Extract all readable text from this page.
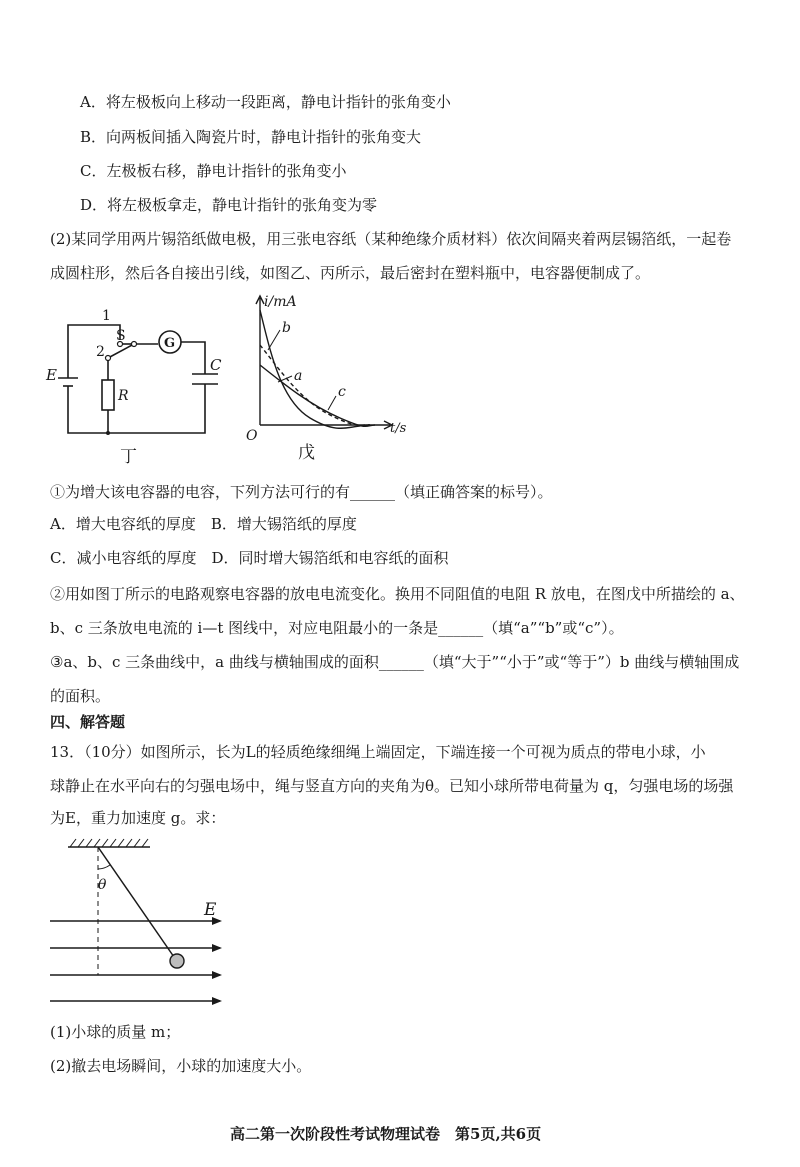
A．将左极板向上移动一段距离，静电计指针的张角变小
B．向两板间插入陶瓷片时，静电计指针的张角变大
C．左极板右移，静电计指针的张角变小
D．将左极板拿走，静电计指针的张角变为零
(2)某同学用两片锡箔纸做电极，用三张电容纸（某种绝缘介质材料）依次间隔夹着两层锡箔纸，一起卷
成圆柱形，然后各自接出引线，如图乙、丙所示，最后密封在塑料瓶中，电容器便制成了。
1
S
2
G
E
R
C
丁
i/mA
t/s
O
a
b
c
戊
①为增大该电容器的电容，下列方法可行的有______（填正确答案的标号）。
A．增大电容纸的厚度　B．增大锡箔纸的厚度
C．减小电容纸的厚度　D．同时增大锡箔纸和电容纸的面积
②用如图丁所示的电路观察电容器的放电电流变化。换用不同阻值的电阻 R 放电，在图戊中所描绘的 a、
b、c 三条放电电流的 i—t 图线中，对应电阻最小的一条是______（填“a”“b”或“c”）。
③a、b、c 三条曲线中，a 曲线与横轴围成的面积______（填“大于”“小于”或“等于”）b 曲线与横轴围成
的面积。
四、解答题
13．（10分）如图所示，长为L的轻质绝缘细绳上端固定，下端连接一个可视为质点的带电小球，小
球静止在水平向右的匀强电场中，绳与竖直方向的夹角为θ。已知小球所带电荷量为 q，匀强电场的场强
为E，重力加速度 g。求：
θ
E
(1)小球的质量 m；
(2)撤去电场瞬间，小球的加速度大小。
高二第一次阶段性考试物理试卷　第5页,共6页
